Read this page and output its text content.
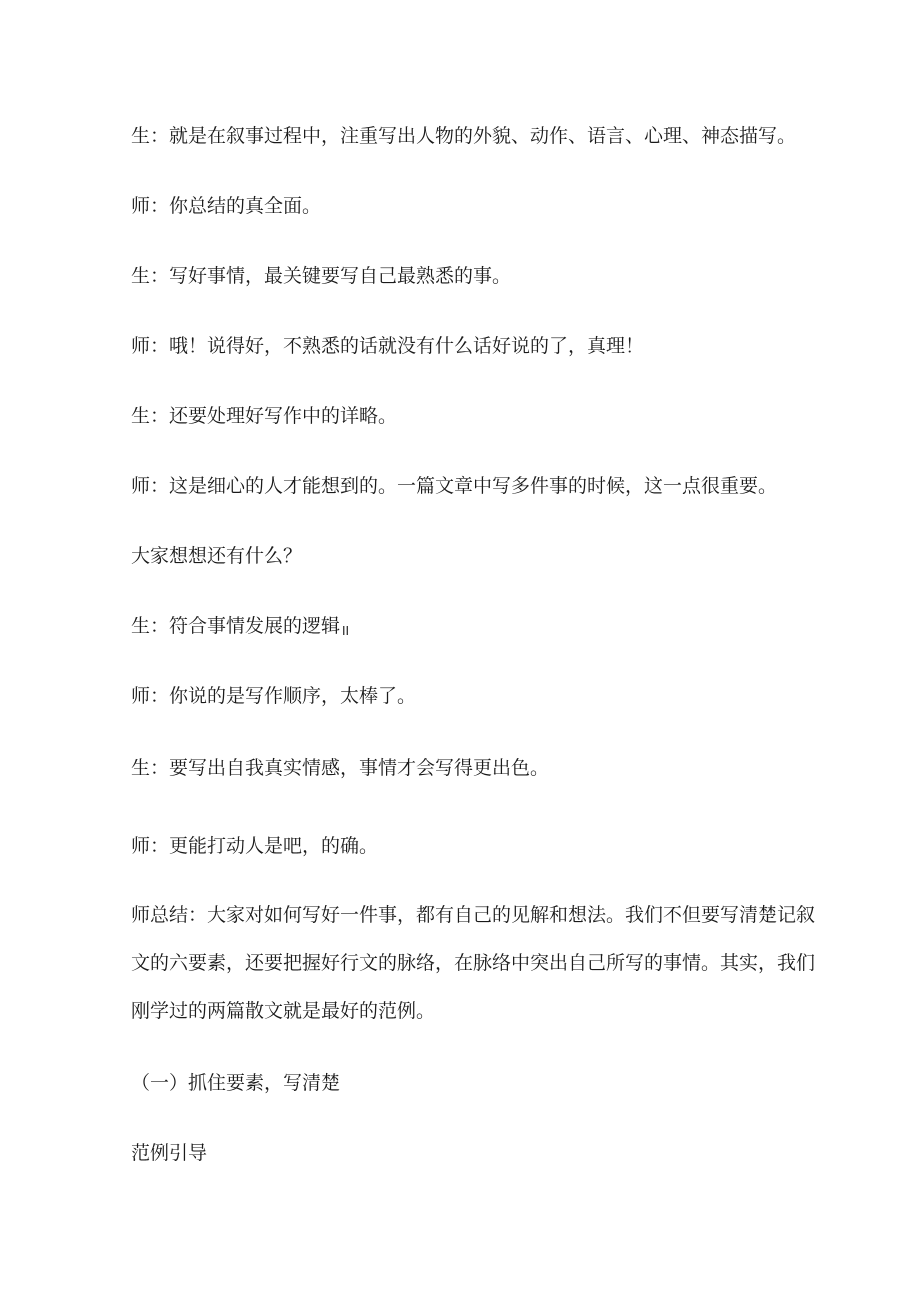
生：就是在叙事过程中，注重写出人物的外貌、动作、语言、心理、神态描写。
师：你总结的真全面。
生：写好事情，最关键要写自己最熟悉的事。
师：哦！说得好，不熟悉的话就没有什么话好说的了，真理！
生：还要处理好写作中的详略。
师：这是细心的人才能想到的。一篇文章中写多件事的时候，这一点很重要。
大家想想还有什么？
生：符合事情发展的逻辑 II
师：你说的是写作顺序，太棒了。
生：要写出自我真实情感，事情才会写得更出色。
师：更能打动人是吧，的确。
师总结：大家对如何写好一件事，都有自己的见解和想法。我们不但要写清楚记叙
文的六要素，还要把握好行文的脉络，在脉络中突出自己所写的事情。其实，我们
刚学过的两篇散文就是最好的范例。
（一）抓住要素，写清楚
范例引导
